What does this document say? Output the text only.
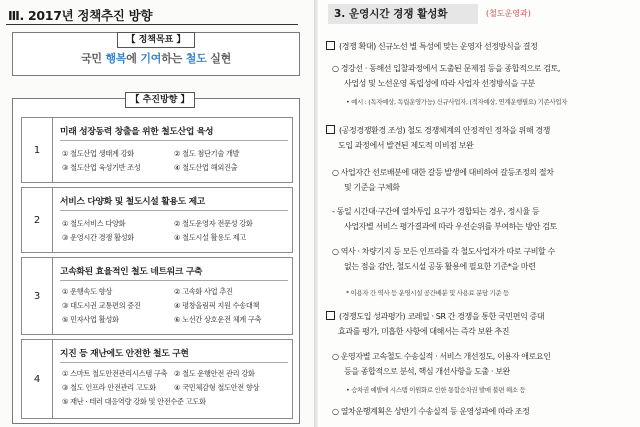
Ⅲ. 2017년 정책추진 방향
【 정책목표 】
국민 행복에 기여하는 철도 실현
【 추진방향 】
1
미래 성장동력 창출을 위한 철도산업 육성
① 철도산업 생태계 강화	② 철도 첨단기술 개발
③ 철도산업 육성기반 조성	④ 철도산업 해외진출
2
서비스 다양화 및 철도시설 활용도 제고
① 철도서비스 다양화	② 철도운영자 전문성 강화
③ 운영시간 경쟁 활성화	④ 철도시설 활용도 제고
3
고속화된 효율적인 철도 네트워크 구축
① 운행속도 향상	② 고속화 사업 추진
③ 대도시권 교통편의 증진	④ 평창올림픽 지원 수송대책
⑤ 민자사업 활성화	⑥ 노선간 상호운전 체계 구축
4
지진 등 재난에도 안전한 철도 구현
① 스마트 철도안전관리시스템 구축 ② 철도 운행안전 관리 강화
③ 철도 인프라 안전관리 고도화	④ 국민체감형 철도안전 향상
⑤ 재난 · 테러 대응역량 강화 및 안전수준 고도화
3. 운영시간 경쟁 활성화	(철도운영과)
(경쟁 확대) 신규노선 별 특성에 맞는 운영자 선정방식을 결정
○ 경강선 · 동해선 입찰과정에서 도출된 문제점 등을 종합적으로 검토,
사업성 및 노선운영 독립성에 따라 사업자 선정방식을 구분
• 예시 : (독자예상, 독립운영가능) 신규사업자, (적자예상, 연계운행필요) 기존사업자
(공정경쟁환경 조성) 철도 경쟁체계의 안정적인 정착을 위해 경쟁
도입 과정에서 발견된 제도적 미비점 보완
○ 사업자간 선로배분에 대한 갈등 발생에 대비하여 갈등조정의 절차
및 기준을 구체화
- 동일 시간대·구간에 열차투입 요구가 경합되는 경우, 정시율 등
사업자별 서비스 평가결과에 따라 우선순위를 부여하는 방안 검토
○ 역사 · 차량기지 등 모든 인프라를 각 철도사업자가 따로 구비할 수
없는 점을 감안, 철도시설 공동 활용에 필요한 기준*을 마련
* 이용자 간 역사 등 운영시설 공간배분 및 사용료 분담 기준 등
(경쟁도입 성과평가) 코레일 · SR 간 경쟁을 통한 국민편익 증대
효과를 평가, 미흡한 사항에 대해서는 즉각 보완 추진
○ 운영자별 고속철도 수송실적 · 서비스 개선정도, 이용자 애로요인
등을 종합적으로 분석, 핵심 개선사항을 도출 · 보완
• 승차권 예발에 시스템 이원화로 인한 통합승차권 발매 불편 해소 등
○ 열차운행계획은 상반기 수송실적 등 운영성과에 따라 조정
